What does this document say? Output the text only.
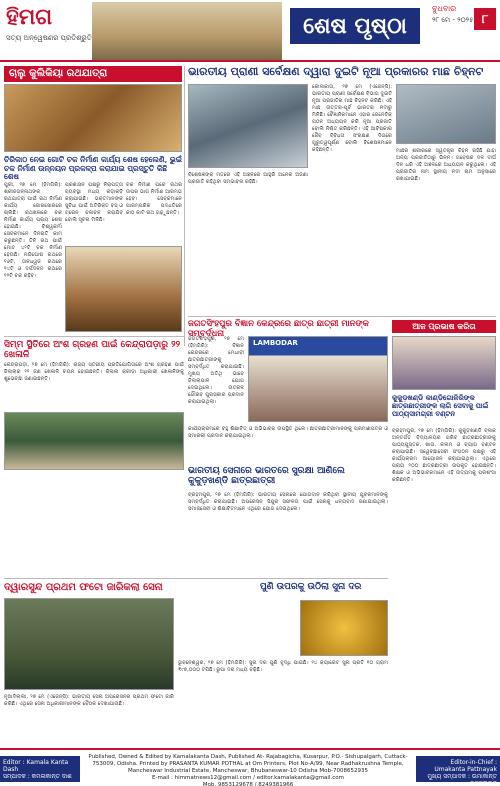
ହିମଗ
ସତ୍ୟ ଅନ୍ୱେଷଣର ପ୍ରତିଶ୍ରୁତି	ଶେଷ ପୃଷ୍ଠା
ବୁଧବାର
୨୮ ମେ - ୨୦୨୫ ୮
ଚାଲୁ କୁଲିକିୟା ରଥଯାତ୍ରା
ଚିରିକାଠ ନେଇ ଗୋଟି ଚକ ନିର୍ମାଣ କାର୍ଯ୍ୟ ଶେଷ ହେଲେଣି, ଭୁଇଁ ଚକ ନିର୍ମାଣ ଉନ୍ନୟନ ପ୍ରକଳ୍ପ କରାଯାଇ ପ୍ରସ୍ତୁତି କିଛି ଶେଷ
ପୁରୀ, ୨୭ ମେ (ହିମଗିରି): ଶ୍ରୀଜଗନ୍ନାଥଙ୍କ ରଥଯାତ୍ରା ପାଇଁ ରଥ ନିର୍ମାଣ କାର୍ଯ୍ୟ ଜୋରସୋରରେ ଚାଲିଛି। ରଥଖଳାରେ ଚକ ନିର୍ମାଣ କାର୍ଯ୍ୟ ପ୍ରାୟ ଶେଷ ହୋଇଛି। ବିଶ୍ୱକର୍ମା ସେବକମାନେ ଦିନରାତି କାମ କରୁଛନ୍ତି। ତିନି ରଥ ପାଇଁ ମୋଟ ୪୨ଟି ଚକ ନିର୍ମାଣ ହେଉଛି। ନନ୍ଦିଘୋଷ ରଥରେ ୧୬ଟି, ତାଳଧ୍ୱଜ ରଥରେ ୧୪ଟି ଓ ଦର୍ପଦଳନ ରଥରେ ୧୨ଟି ଚକ ରହିବ।
ପ୍ରଶାସନ ପକ୍ଷରୁ ନିରାପତ୍ତା ବ୍ୟବସ୍ଥା ମଧ୍ୟ କଡ଼ାକଡ଼ି କରାଯାଇଛି। ଭକ୍ତମାନଙ୍କ ସୁବିଧା ପାଇଁ ଅତିରିକ୍ତ ବସ୍ ଓ ଟ୍ରେନ୍ ଚଳାଚଳ କରାଯିବ ବୋଲି ସୂଚନା ମିଳିଛି।
ଚକ ନିର୍ମାଣ ପରେ ରଥର ଉପର ଭାଗ ନିର୍ମାଣ ଆରମ୍ଭ ହେବ। ସେବକମାନେ ପାରମ୍ପରିକ ପଦ୍ଧତିରେ କାଠ କାଟି ରଥ ଗଢ଼ୁଛନ୍ତି।
ଭାରତୀୟ ପ୍ରାଣୀ ସର୍ବେକ୍ଷଣ ଦ୍ୱାରା ଦୁଇଟି ନୂଆ ପ୍ରକାରର ମାଛ ଚିହ୍ନଟ
କୋଲକାତା, ୨୭ ମେ (ଏଜେନ୍ସି): ଭାରତୀୟ ପ୍ରାଣୀ ସର୍ବେକ୍ଷଣ ବିଭାଗ ଦୁଇଟି ନୂଆ ପ୍ରଜାତିର ମାଛ ଚିହ୍ନଟ କରିଛି। ଏହି ମାଛ ଉତ୍ତର-ପୂର୍ବ ଭାରତର ନଦୀରୁ ମିଳିଛି। ବୈଜ୍ଞାନିକମାନେ ଏହାର ଜେନେଟିକ୍ ଗଠନ ଅଧ୍ୟୟନ କରି ନୂଆ ପ୍ରଜାତି ବୋଲି ନିଶ୍ଚିତ କରିଛନ୍ତି। ଏହି ଆବିଷ୍କାର ଜୈବ ବିବିଧତା ସଂରକ୍ଷଣ ଦିଗରେ ଗୁରୁତ୍ୱପୂର୍ଣ୍ଣ ବୋଲି ବିଶେଷଜ୍ଞମାନେ କହିଛନ୍ତି।	ମାଛର ଶରୀରରେ ସ୍ୱତନ୍ତ୍ର ଚିହ୍ନ ରହିଛି ଯାହା ଅନ୍ୟ ପ୍ରଜାତିଠାରୁ ଭିନ୍ନ। ଗବେଷକ ଦଳ ଦୀର୍ଘ ଦିନ ଧରି ଏହି ଅଞ୍ଚଳରେ ଅଧ୍ୟୟନ କରୁଥିଲେ। ଏହି ପ୍ରଜାତିର ନାମ ସ୍ଥାନୀୟ ନଦୀ ନାମ ଅନୁସାରେ ରଖାଯାଇଛି।
ବିଶେଷଜ୍ଞଙ୍କ ମତରେ ଏହି ଅଞ୍ଚଳରେ ଆହୁରି ଅନେକ ଅଜଣା ପ୍ରଜାତି ରହିଥିବା ସମ୍ଭାବନା ରହିଛି।
ଜଗତସିଂହପୁର ବିଜ୍ଞାନ କେନ୍ଦ୍ରରେ ଛାତ୍ର ଛାତ୍ରୀ ମାନଙ୍କ ସମ୍ବର୍ଦ୍ଧନା
ଜଗତସିଂହପୁର, ୨୭ ମେ (ହିମଗିରି): ବିଜ୍ଞାନ କେନ୍ଦ୍ରରେ ମେଧାବୀ ଛାତ୍ରଛାତ୍ରୀଙ୍କୁ ସମ୍ବର୍ଦ୍ଧିତ କରାଯାଇଛି। ମୁଖ୍ୟ ଅତିଥି ଭାବେ ଜିଲ୍ଲାପାଳ ଯୋଗ ଦେଇଥିଲେ। ଉତ୍କଳ ଗୌରବ ପୁରସ୍କାର ପ୍ରଦାନ କରାଯାଇଥିଲା।
LAMBODAR
କାର୍ଯ୍ୟକ୍ରମରେ ବହୁ ଶିକ୍ଷାବିତ୍ ଓ ଅଭିଭାବକ ଉପସ୍ଥିତ ଥିଲେ। ଛାତ୍ରଛାତ୍ରୀମାନଙ୍କୁ ପ୍ରମାଣପତ୍ର ଓ ସ୍ମାରକୀ ପ୍ରଦାନ କରାଯାଇଥିଲା।
ଆଜ ପ୍ରଭାଷ କରିତା
କୁକୁଡ଼ଖଣ୍ଡି କାଣ୍ଡିଗୋଳିରିଙ୍କ ଛାତ୍ରଛାତ୍ରୀଙ୍କ ଲାଗି ସେବାକୁ ପାଇଁ ପାଠ୍ୟସାମଗ୍ରୀ ବଣ୍ଟନ
ବ୍ରହ୍ମପୁର, ୨୭ ମେ (ହିମଗିରି): କୁକୁଡ଼ଖଣ୍ଡି ବ୍ଲକ ଅନ୍ତର୍ଗତ ବିଦ୍ୟାଳୟର ଗରିବ ଛାତ୍ରଛାତ୍ରୀଙ୍କୁ ପାଠ୍ୟପୁସ୍ତକ, ଖାତା, କଲମ ଓ ବ୍ୟାଗ ବଣ୍ଟନ କରାଯାଇଛି। ସ୍ୱେଚ୍ଛାସେବୀ ସଂଗଠନ ପକ୍ଷରୁ ଏହି କାର୍ଯ୍ୟକ୍ରମ ଆୟୋଜନ କରାଯାଇଥିଲା। ଏଥିରେ ପ୍ରାୟ ୨୦୦ ଛାତ୍ରଛାତ୍ରୀ ଉପକୃତ ହୋଇଛନ୍ତି। ଶିକ୍ଷକ ଓ ଅଭିଭାବକମାନେ ଏହି ଉଦ୍ୟମକୁ ପ୍ରଶଂସା କରିଛନ୍ତି।
ସିମ୍ମ ସ୍ଥିତିରେ ଅଂଶ ଗ୍ରହଣ ପାଇଁ କେନ୍ଦ୍ରାପଡ଼ାରୁ ୨୨ ଖେଳାଳି
କେନ୍ଦ୍ରାପଡ଼ା, ୨୭ ମେ (ହିମଗିରି): ରାଜ୍ୟ ସ୍ତରୀୟ ପ୍ରତିଯୋଗିତାରେ ଅଂଶ ଗ୍ରହଣ ପାଇଁ ଜିଲ୍ଲାର ୨୨ ଜଣ ଖେଳାଳି ଚୟନ ହୋଇଛନ୍ତି। ଜିଲ୍ଲା କ୍ରୀଡ଼ା ଅଧିକାରୀ ଖେଳାଳିଙ୍କୁ ଶୁଭେଚ୍ଛା ଜଣାଇଛନ୍ତି।
ଭାରତୀୟ ସେନାରେ ଭାରତରେ ସୁରକ୍ଷା ଆଣିଲେ କୁକୁଡ଼ଖଣ୍ଡି ଛାତ୍ରଛାତ୍ରୀ
ବ୍ରହ୍ମପୁର, ୨୭ ମେ (ହିମଗିରି): ଭାରତୀୟ ସେନାରେ ଯୋଗଦାନ କରିଥିବା ସ୍ଥାନୀୟ ଯୁବକମାନଙ୍କୁ ସମ୍ବର୍ଦ୍ଧିତ କରାଯାଇଛି। ଅପରେସନ୍ ସିନ୍ଦୁର ସଫଳତା ପାଇଁ ସେନାକୁ ଧନ୍ୟବାଦ ଜଣାଯାଇଥିଲା। ସମାଜସେବୀ ଓ ଶିକ୍ଷାବିତ୍ମାନେ ଏଥିରେ ଯୋଗ ଦେଇଥିଲେ।
ଦ୍ୱାରସୁନ୍ଦ ପ୍ରଥମ ଫଟୋ ଜାରିକଲା ସେନା
ନୂଆଦିଲ୍ଲୀ, ୨୭ ମେ (ଏଜେନ୍ସି): ଭାରତୀୟ ସେନା ଅପରେସନର ପ୍ରଥମ ଫଟୋ ଜାରି କରିଛି। ଏଥିରେ ସେନା ଅଧିକାରୀମାନଙ୍କ ବୈଠକ ଦେଖାଯାଉଛି।
ପୁଣି ଉପରକୁ ଉଠିଲା ସୁନା ଦର
ଭୁବନେଶ୍ୱର, ୨୭ ମେ (ହିମଗିରି): ସୁନା ଦର ପୁଣି ବୃଦ୍ଧି ପାଇଛି। ୨୪ କ୍ୟାରେଟ ସୁନା ପ୍ରତି ୧୦ ଗ୍ରାମ ₹୯୭,୦୦୦ ଟପିଛି। ରୁପା ଦର ମଧ୍ୟ ବଢ଼ିଛି।
Editor : Kamala Kanta Dash
ସମ୍ପାଦକ : କମଳାକାନ୍ତ ଦାଶ
Published, Owned & Edited by Kamalakanta Dash, Published At- Rajabagicha, Kusarpur, P.O.- Sishupalgarh, Cuttack-753009, Odisha. Printed by PRASANTA KUMAR POTHAL at Om Printers, Plot No-A/99, Near Radhakrushna Temple, Mancheswar Industrial Estate, Mancheswar, Bhubaneswar-10 Odisha Mob-7008652935
E-mail : himmatnews12@gmail.com / editor.kamalakanta@gmail.com
Mob. 9853129678 / 8249381966
Editor-in-Chief : Umakanta Pattnayak
ମୁଖ୍ୟ ସମ୍ପାଦକ : ଉମାକାନ୍ତ ପଟ୍ଟନାୟକ
